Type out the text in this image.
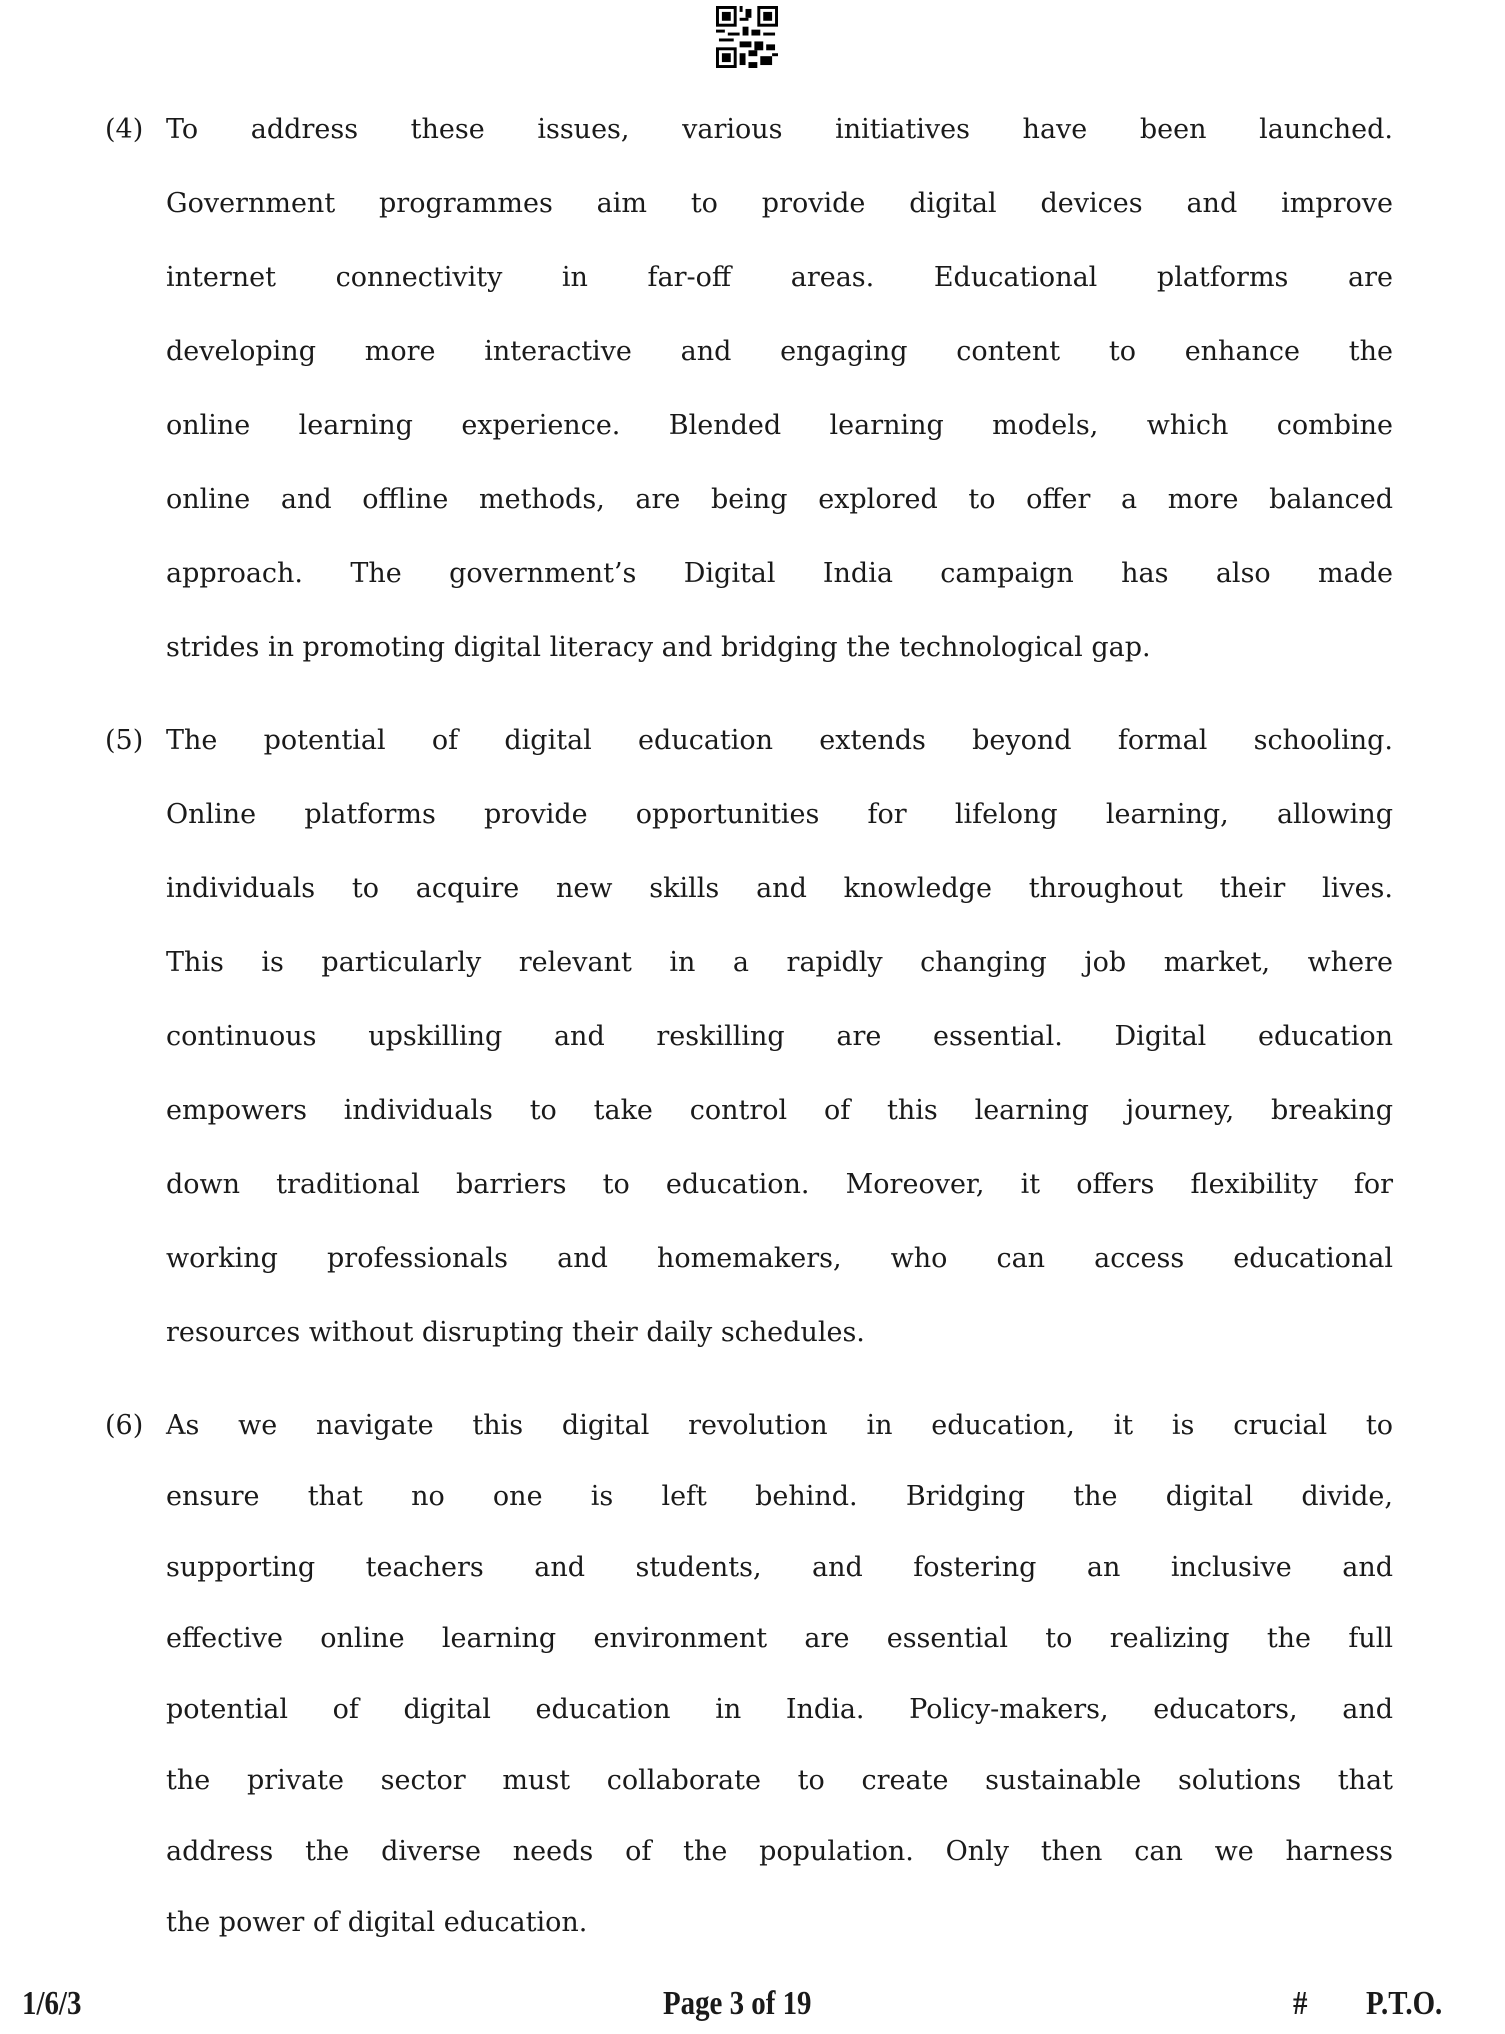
(4) To address these issues, various initiatives have been launched.
Government programmes aim to provide digital devices and improve
internet connectivity in far-off areas. Educational platforms are
developing more interactive and engaging content to enhance the
online learning experience. Blended learning models, which combine
online and offline methods, are being explored to offer a more balanced
approach. The government’s Digital India campaign has also made
strides in promoting digital literacy and bridging the technological gap.
(5) The potential of digital education extends beyond formal schooling.
Online platforms provide opportunities for lifelong learning, allowing
individuals to acquire new skills and knowledge throughout their lives.
This is particularly relevant in a rapidly changing job market, where
continuous upskilling and reskilling are essential. Digital education
empowers individuals to take control of this learning journey, breaking
down traditional barriers to education. Moreover, it offers flexibility for
working professionals and homemakers, who can access educational
resources without disrupting their daily schedules.
(6) As we navigate this digital revolution in education, it is crucial to
ensure that no one is left behind. Bridging the digital divide,
supporting teachers and students, and fostering an inclusive and
effective online learning environment are essential to realizing the full
potential of digital education in India. Policy-makers, educators, and
the private sector must collaborate to create sustainable solutions that
address the diverse needs of the population. Only then can we harness
the power of digital education.
1/6/3	Page 3 of 19	# P.T.O.
